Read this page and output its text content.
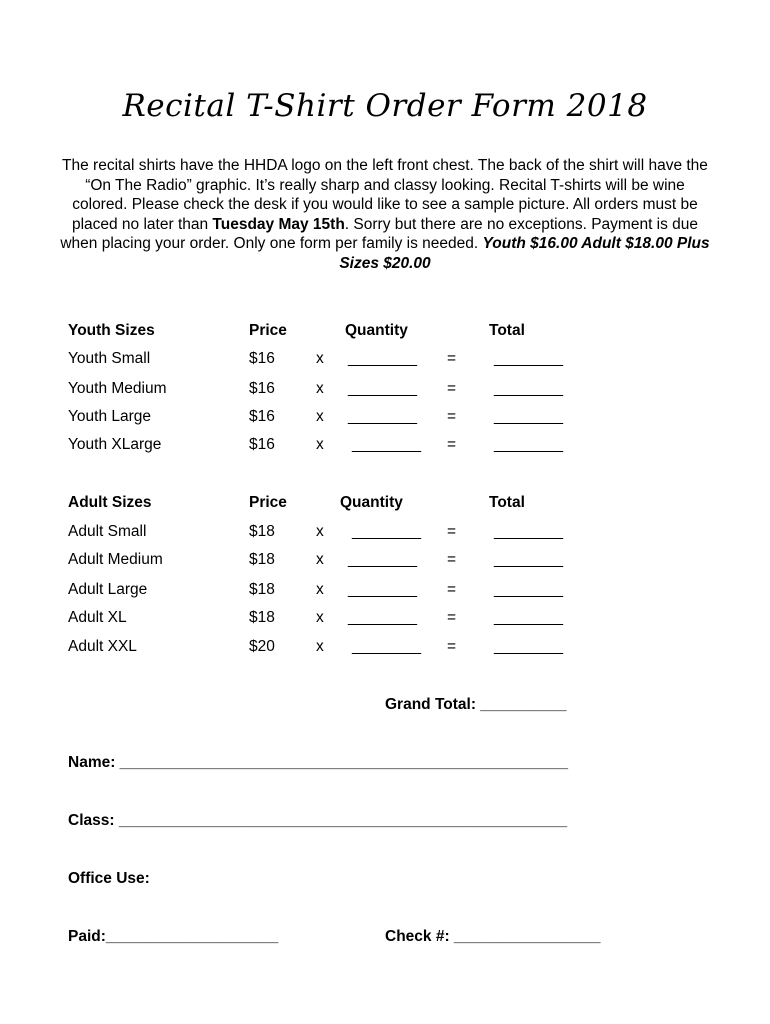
Recital T-Shirt Order Form 2018
The recital shirts have the HHDA logo on the left front chest. The back of the shirt will have the “On The Radio” graphic. It’s really sharp and classy looking. Recital T-shirts will be wine colored. Please check the desk if you would like to see a sample picture. All orders must be placed no later than Tuesday May 15th. Sorry but there are no exceptions. Payment is due when placing your order. Only one form per family is needed. Youth $16.00 Adult $18.00 Plus Sizes $20.00
Youth Sizes	Price	Quantity	Total
Youth Small	$16	x ________ = ________
Youth Medium	$16	x ________ = ________
Youth Large	$16	x ________ = ________
Youth XLarge	$16	x ________ = ________
Adult Sizes	Price	Quantity	Total
Adult Small	$18	x ________ = ________
Adult Medium	$18	x ________ = ________
Adult Large	$18	x ________ = ________
Adult XL	$18	x ________ = ________
Adult XXL	$20	x ________ = ________
Grand Total: __________
Name: ____________________________________________________
Class: ____________________________________________________
Office Use:
Paid:____________________	Check #: _________________
